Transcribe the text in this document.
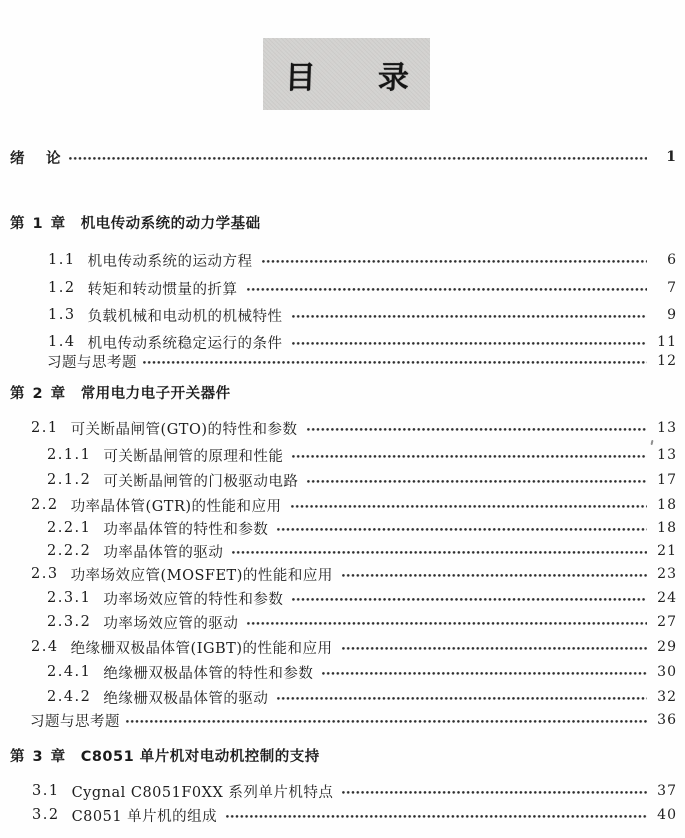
目 录
绪 论	1
第 1 章 机电传动系统的动力学基础
1.1 机电传动系统的运动方程	6
1.2 转矩和转动惯量的折算	7
1.3 负载机械和电动机的机械特性	9
1.4 机电传动系统稳定运行的条件	11
习题与思考题	12
第 2 章 常用电力电子开关器件
2.1 可关断晶闸管(GTO)的特性和参数	13
2.1.1 可关断晶闸管的原理和性能	13
2.1.2 可关断晶闸管的门极驱动电路	17
2.2 功率晶体管(GTR)的性能和应用	18
2.2.1 功率晶体管的特性和参数	18
2.2.2 功率晶体管的驱动	21
2.3 功率场效应管(MOSFET)的性能和应用	23
2.3.1 功率场效应管的特性和参数	24
2.3.2 功率场效应管的驱动	27
2.4 绝缘栅双极晶体管(IGBT)的性能和应用	29
2.4.1 绝缘栅双极晶体管的特性和参数	30
2.4.2 绝缘栅双极晶体管的驱动	32
习题与思考题	36
第 3 章 C8051 单片机对电动机控制的支持
3.1 Cygnal C8051F0XX 系列单片机特点	37
3.2 C8051 单片机的组成	40
